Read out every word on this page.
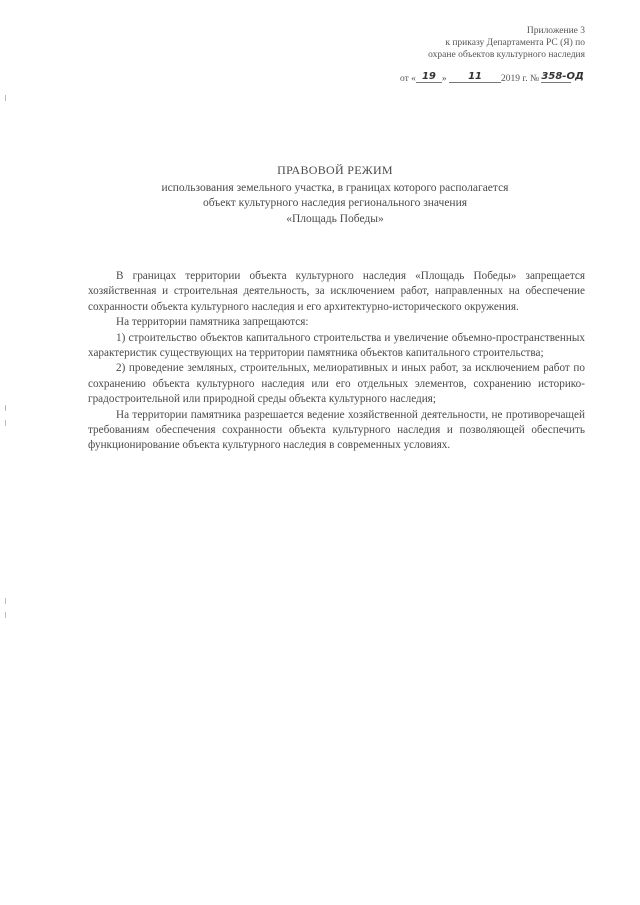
Приложение 3
к приказу Департамента РС (Я) по
охране объектов культурного наследия
от « 19 » 11 2019 г. № 358-ОД
ПРАВОВОЙ РЕЖИМ
использования земельного участка, в границах которого располагается
объект культурного наследия регионального значения
«Площадь Победы»

В границах территории объекта культурного наследия «Площадь Победы» запрещается хозяйственная и строительная деятельность, за исключением работ, направленных на обеспечение сохранности объекта культурного наследия и его архитектурно-исторического окружения.

На территории памятника запрещаются:

1) строительство объектов капитального строительства и увеличение объемно-пространственных характеристик существующих на территории памятника объектов капитального строительства;

2) проведение земляных, строительных, мелиоративных и иных работ, за исключением работ по сохранению объекта культурного наследия или его отдельных элементов, сохранению историко-градостроительной или природной среды объекта культурного наследия;

На территории памятника разрешается ведение хозяйственной деятельности, не противоречащей требованиям обеспечения сохранности объекта культурного наследия и позволяющей обеспечить функционирование объекта культурного наследия в современных условиях.
